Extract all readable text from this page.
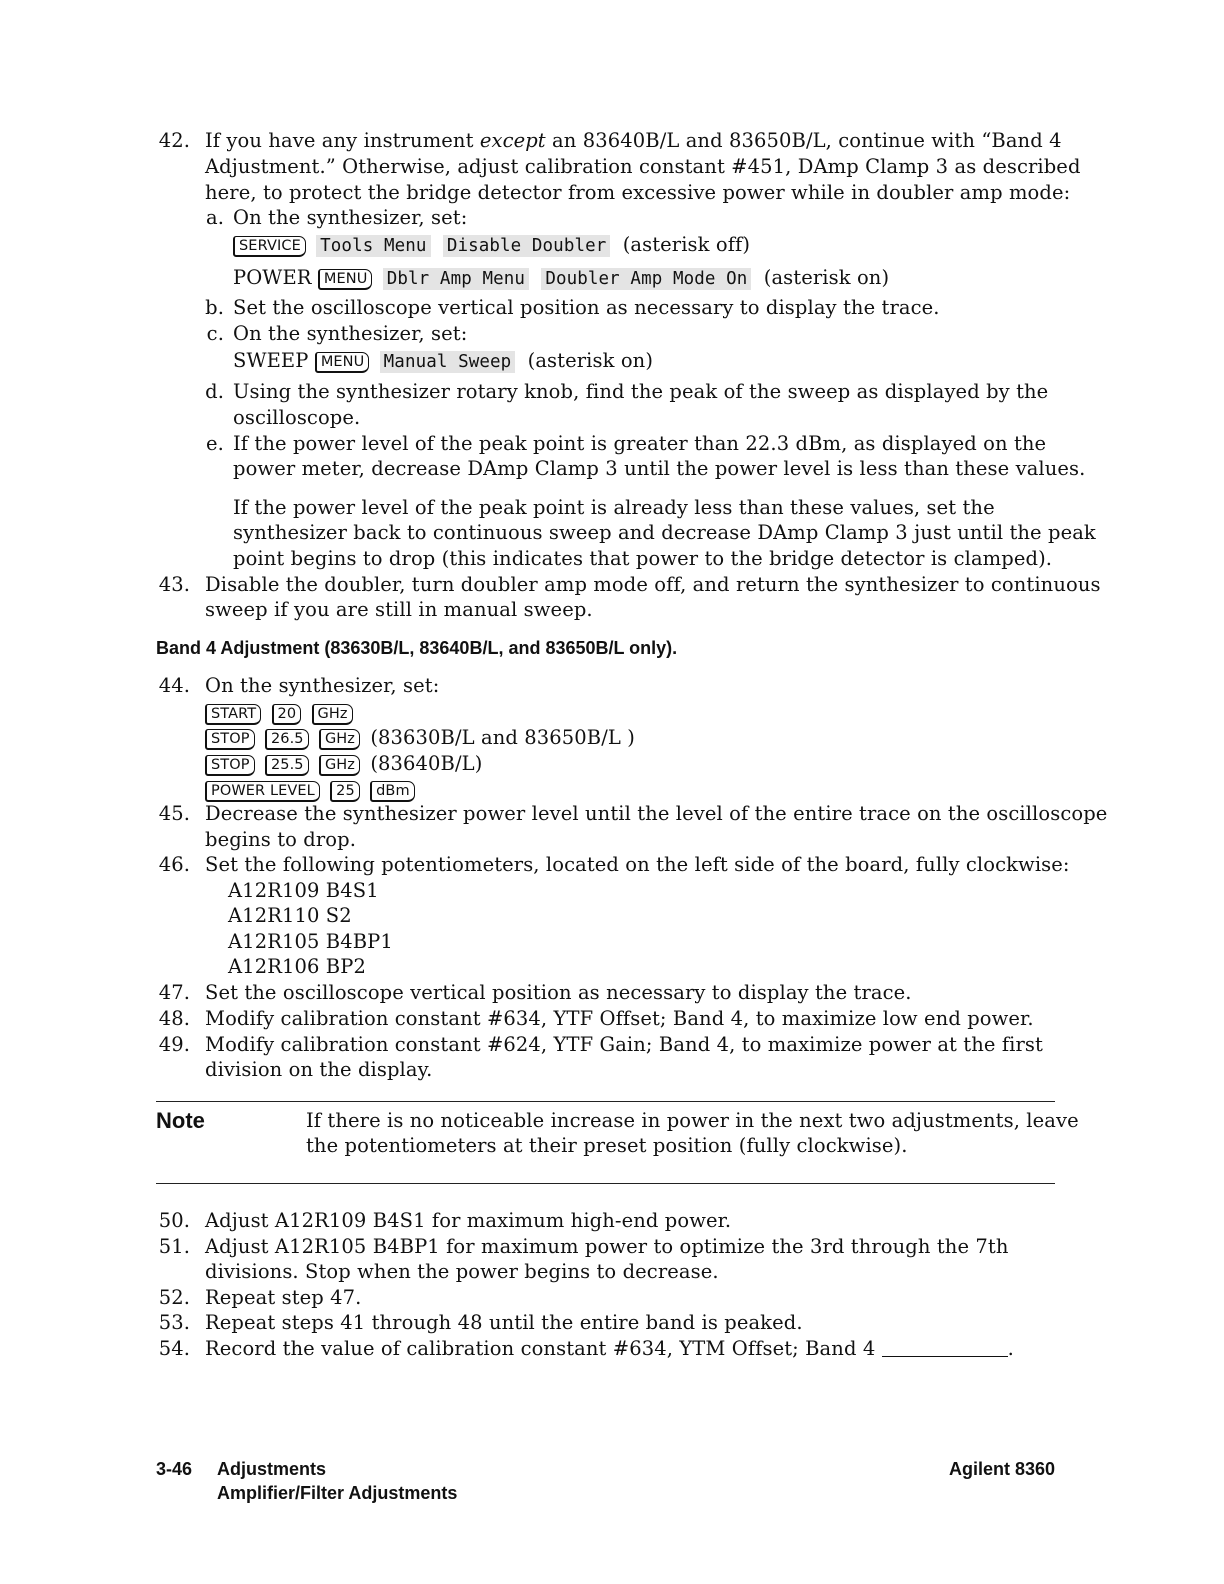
42. If you have any instrument except an 83640B/L and 83650B/L, continue with “Band 4
Adjustment.” Otherwise, adjust calibration constant #451, DAmp Clamp 3 as described
here, to protect the bridge detector from excessive power while in doubler amp mode:
a. On the synthesizer, set:
SERVICE Tools Menu Disable Doubler (asterisk off)
POWER MENU Dblr Amp Menu Doubler Amp Mode On (asterisk on)
b. Set the oscilloscope vertical position as necessary to display the trace.
c. On the synthesizer, set:
SWEEP MENU Manual Sweep (asterisk on)
d. Using the synthesizer rotary knob, find the peak of the sweep as displayed by the
oscilloscope.
e. If the power level of the peak point is greater than 22.3 dBm, as displayed on the
power meter, decrease DAmp Clamp 3 until the power level is less than these values.
If the power level of the peak point is already less than these values, set the
synthesizer back to continuous sweep and decrease DAmp Clamp 3 just until the peak
point begins to drop (this indicates that power to the bridge detector is clamped).
43. Disable the doubler, turn doubler amp mode off, and return the synthesizer to continuous
sweep if you are still in manual sweep.
Band 4 Adjustment (83630B/L, 83640B/L, and 83650B/L only).
44. On the synthesizer, set:
START 20 GHz
STOP 26.5 GHz (83630B/L and 83650B/L )
STOP 25.5 GHz (83640B/L)
POWER LEVEL 25 dBm
45. Decrease the synthesizer power level until the level of the entire trace on the oscilloscope
begins to drop.
46. Set the following potentiometers, located on the left side of the board, fully clockwise:
A12R109 B4S1
A12R110 S2
A12R105 B4BP1
A12R106 BP2
47. Set the oscilloscope vertical position as necessary to display the trace.
48. Modify calibration constant #634, YTF Offset; Band 4, to maximize low end power.
49. Modify calibration constant #624, YTF Gain; Band 4, to maximize power at the first
division on the display.
Note	If there is no noticeable increase in power in the next two adjustments, leave
the potentiometers at their preset position (fully clockwise).
50. Adjust A12R109 B4S1 for maximum high-end power.
51. Adjust A12R105 B4BP1 for maximum power to optimize the 3rd through the 7th
divisions. Stop when the power begins to decrease.
52. Repeat step 47.
53. Repeat steps 41 through 48 until the entire band is peaked.
54. Record the value of calibration constant #634, YTM Offset; Band 4	.
3-46 Adjustments
Amplifier/Filter Adjustments
Agilent 8360
